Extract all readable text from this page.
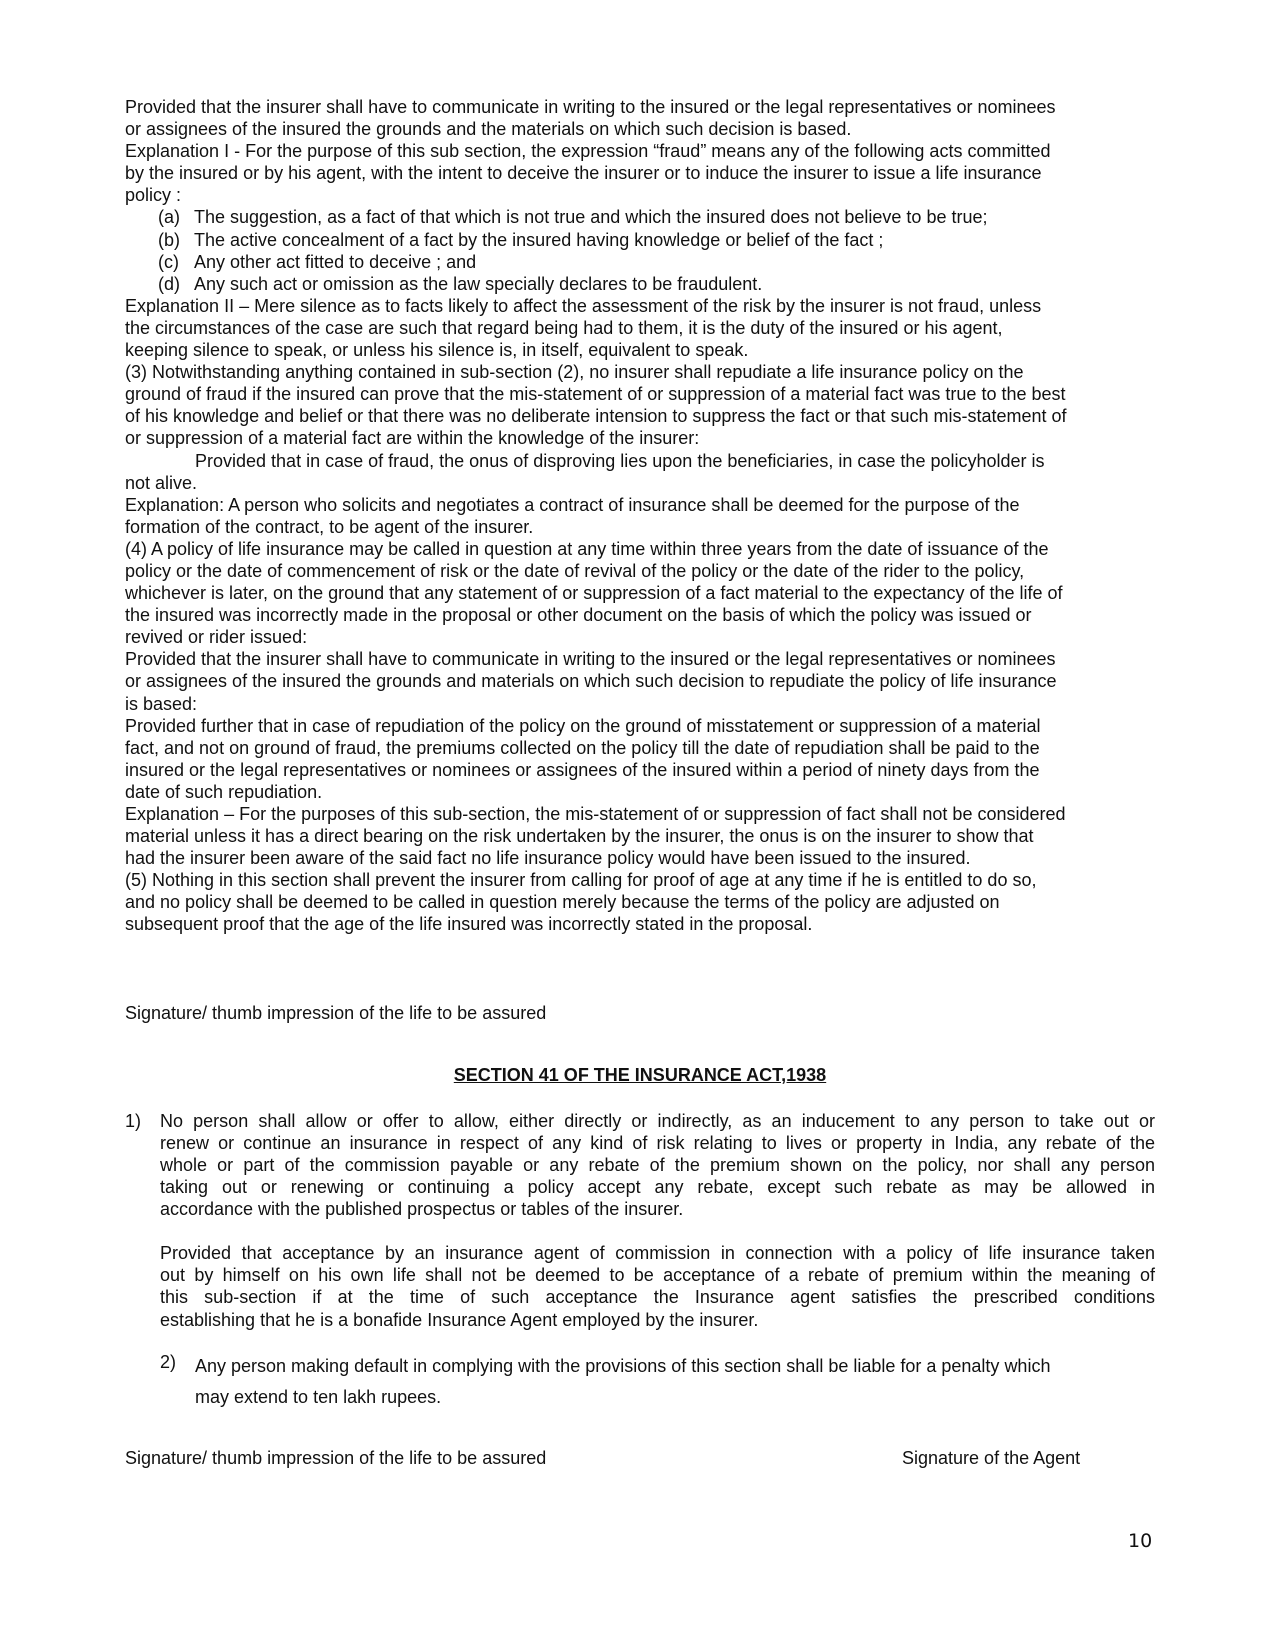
Provided that the insurer shall have to communicate in writing to the insured or the legal representatives or nominees
or assignees of the insured the grounds and the materials on which such decision is based.
Explanation I - For the purpose of this sub section, the expression “fraud” means any of the following acts committed
by the insured or by his agent, with the intent to deceive the insurer or to induce the insurer to issue a life insurance
policy :
(a) The suggestion, as a fact of that which is not true and which the insured does not believe to be true;
(b) The active concealment of a fact by the insured having knowledge or belief of the fact ;
(c) Any other act fitted to deceive ; and
(d) Any such act or omission as the law specially declares to be fraudulent.
Explanation II – Mere silence as to facts likely to affect the assessment of the risk by the insurer is not fraud, unless
the circumstances of the case are such that regard being had to them, it is the duty of the insured or his agent,
keeping silence to speak, or unless his silence is, in itself, equivalent to speak.
(3) Notwithstanding anything contained in sub-section (2), no insurer shall repudiate a life insurance policy on the
ground of fraud if the insured can prove that the mis-statement of or suppression of a material fact was true to the best
of his knowledge and belief or that there was no deliberate intension to suppress the fact or that such mis-statement of
or suppression of a material fact are within the knowledge of the insurer:
Provided that in case of fraud, the onus of disproving lies upon the beneficiaries, in case the policyholder is
not alive.
Explanation: A person who solicits and negotiates a contract of insurance shall be deemed for the purpose of the
formation of the contract, to be agent of the insurer.
(4) A policy of life insurance may be called in question at any time within three years from the date of issuance of the
policy or the date of commencement of risk or the date of revival of the policy or the date of the rider to the policy,
whichever is later, on the ground that any statement of or suppression of a fact material to the expectancy of the life of
the insured was incorrectly made in the proposal or other document on the basis of which the policy was issued or
revived or rider issued:
Provided that the insurer shall have to communicate in writing to the insured or the legal representatives or nominees
or assignees of the insured the grounds and materials on which such decision to repudiate the policy of life insurance
is based:
Provided further that in case of repudiation of the policy on the ground of misstatement or suppression of a material
fact, and not on ground of fraud, the premiums collected on the policy till the date of repudiation shall be paid to the
insured or the legal representatives or nominees or assignees of the insured within a period of ninety days from the
date of such repudiation.
Explanation – For the purposes of this sub-section, the mis-statement of or suppression of fact shall not be considered
material unless it has a direct bearing on the risk undertaken by the insurer, the onus is on the insurer to show that
had the insurer been aware of the said fact no life insurance policy would have been issued to the insured.
(5) Nothing in this section shall prevent the insurer from calling for proof of age at any time if he is entitled to do so,
and no policy shall be deemed to be called in question merely because the terms of the policy are adjusted on
subsequent proof that the age of the life insured was incorrectly stated in the proposal.
Signature/ thumb impression of the life to be assured
SECTION 41 OF THE INSURANCE ACT,1938
1) No person shall allow or offer to allow, either directly or indirectly, as an inducement to any person to take out or
renew or continue an insurance in respect of any kind of risk relating to lives or property in India, any rebate of the
whole or part of the commission payable or any rebate of the premium shown on the policy, nor shall any person
taking out or renewing or continuing a policy accept any rebate, except such rebate as may be allowed in
accordance with the published prospectus or tables of the insurer.
Provided that acceptance by an insurance agent of commission in connection with a policy of life insurance taken
out by himself on his own life shall not be deemed to be acceptance of a rebate of premium within the meaning of
this sub-section if at the time of such acceptance the Insurance agent satisfies the prescribed conditions
establishing that he is a bonafide Insurance Agent employed by the insurer.
2) Any person making default in complying with the provisions of this section shall be liable for a penalty which
may extend to ten lakh rupees.
Signature/ thumb impression of the life to be assured	Signature of the Agent
10
